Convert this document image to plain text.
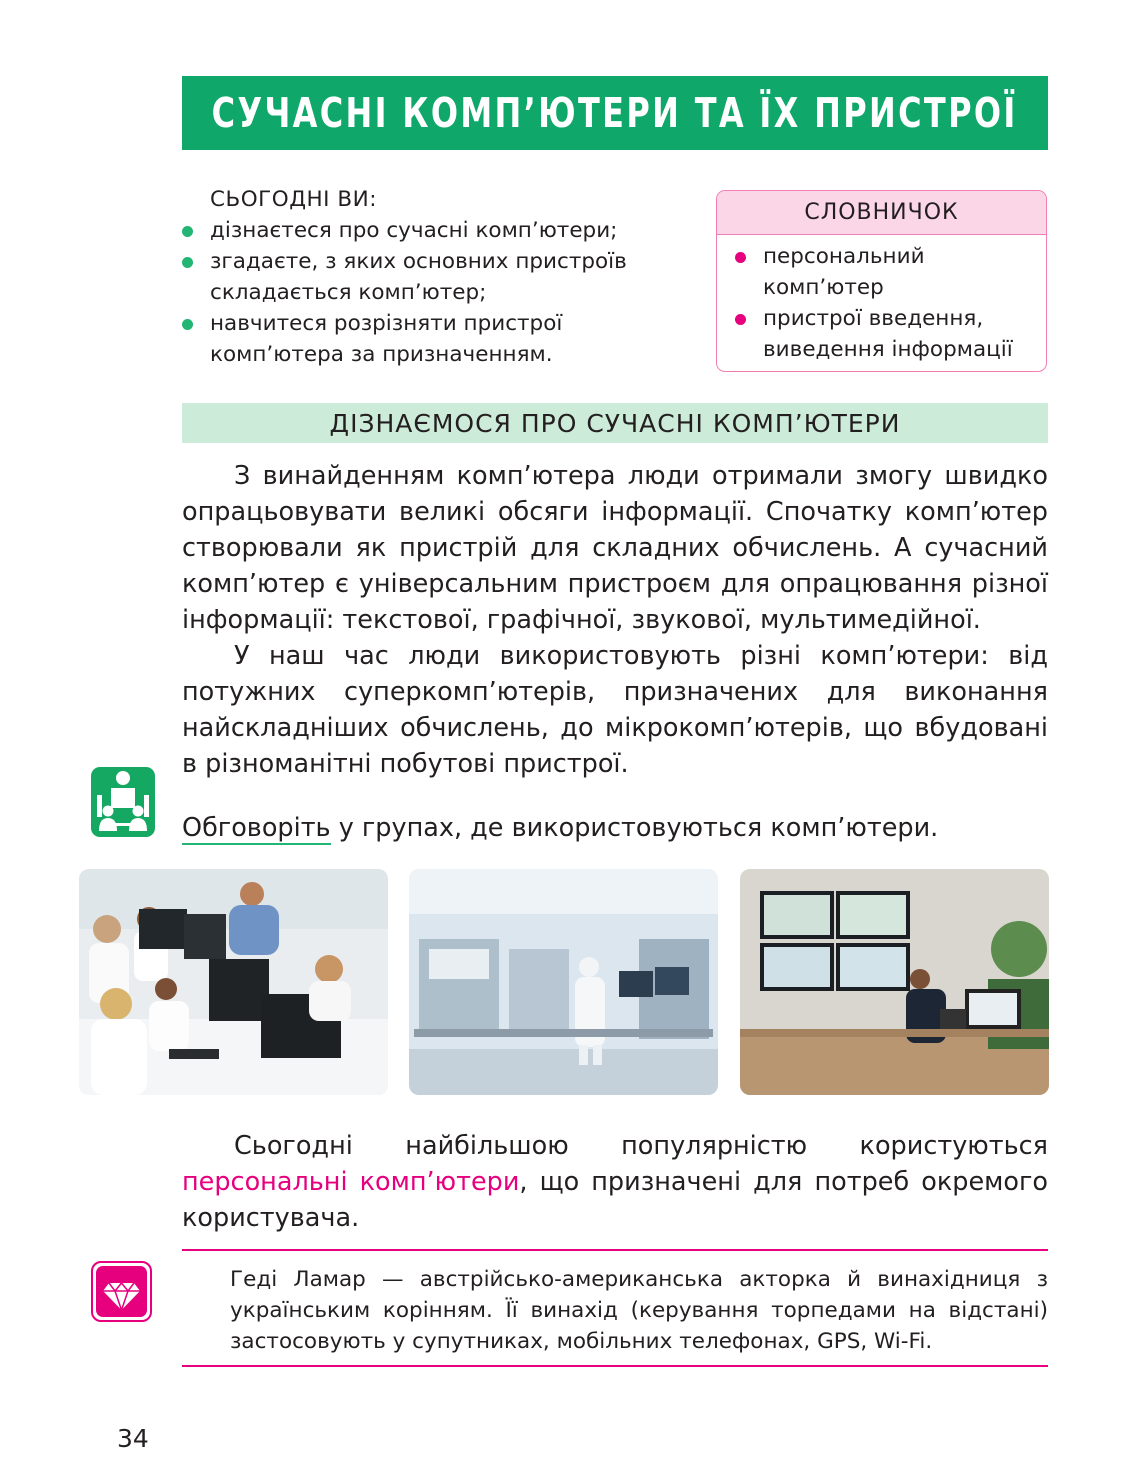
СУЧАСНІ КОМП’ЮТЕРИ ТА ЇХ ПРИСТРОЇ
СЬОГОДНІ ВИ:
дізнаєтеся про сучасні комп’ютери;
згадаєте, з яких основних пристроїв складається комп’ютер;
навчитеся розрізняти пристрої комп’ютера за призначенням.
СЛОВНИЧОК
персональний комп’ютер
пристрої введення, виведення інформації
ДІЗНАЄМОСЯ ПРО СУЧАСНІ КОМП’ЮТЕРИ
З винайденням комп’ютера люди отримали змогу швидко опрацьовувати великі обсяги інформації. Спочатку комп’ютер створювали як пристрій для складних обчислень. А сучасний комп’ютер є універсальним пристроєм для опрацювання різної інформації: текстової, графічної, звукової, мультимедійної.
У наш час люди використовують різні комп’ютери: від потужних суперкомп’ютерів, призначених для виконання найскладніших обчислень, до мікрокомп’ютерів, що вбудовані в різноманітні побутові пристрої.
Обговоріть у групах, де використовуються комп’ютери.
Сьогодні найбільшою популярністю користуються персональні комп’ютери, що призначені для потреб окремого користувача.
Геді Ламар — австрійсько-американська акторка й винахідниця з українським корінням. Її винахід (керування торпедами на відстані) застосовують у супутниках, мобільних телефонах, GPS, Wi-Fi.
34
